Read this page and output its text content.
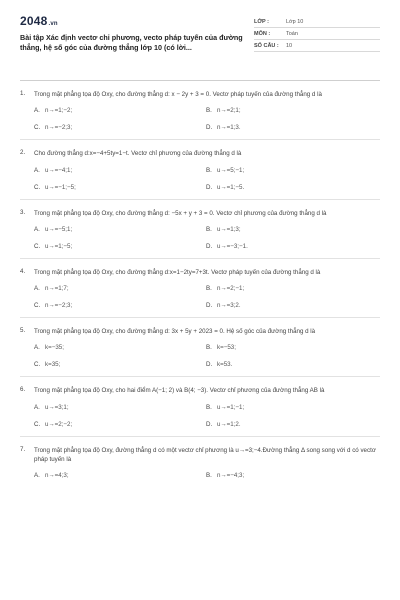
2048.vn
Bài tập Xác định vectơ chỉ phương, vecto pháp tuyến của đường thẳng, hệ số góc của đường thẳng lớp 10 (có lời...
LỚP :	Lớp 10
MÔN :	Toán
SỐ CÂU :	10
1.	Trong mặt phẳng tọa độ Oxy, cho đường thẳng d: x − 2y + 3 = 0. Vectơ pháp tuyến của đường thẳng d là
A. n→=1;−2;	B. n→=2;1;
C. n→=−2;3;	D. n→=1;3.
2.	Cho đường thẳng d:x=−4+5ty=1−t. Vectơ chỉ phương của đường thẳng d là
A. u→=−4;1;	B. u→=5;−1;
C. u→=−1;−5;	D. u→=1;−5.
3.	Trong mặt phẳng tọa độ Oxy, cho đường thẳng d: −5x + y + 3 = 0. Vectơ chỉ phương của đường thẳng d là
A. u→=−5;1;	B. u→=1;3;
C. u→=1;−5;	D. u→=−3;−1.
4.	Trong mặt phẳng tọa độ Oxy, cho đường thẳng d:x=1−2ty=7+3t. Vectơ pháp tuyến của đường thẳng d là
A. n→=1;7;	B. n→=2;−1;
C. n→=−2;3;	D. n→=3;2.
5.	Trong mặt phẳng tọa độ Oxy, cho đường thẳng d: 3x + 5y + 2023 = 0. Hệ số góc của đường thẳng d là
A. k=−35;	B. k=−53;
C. k=35;	D. k=53.
6.	Trong mặt phẳng tọa độ Oxy, cho hai điểm A(−1; 2) và B(4; −3). Vectơ chỉ phương của đường thẳng AB là
A. u→=3;1;	B. u→=1;−1;
C. u→=2;−2;	D. u→=1;2.
7.	Trong mặt phẳng tọa độ Oxy, đường thẳng d có một vectơ chỉ phương là u→=3;−4.Đường thẳng Δ song song với d có vectơ pháp tuyến là
A. n→=4;3;	B. n→=−4;3;
